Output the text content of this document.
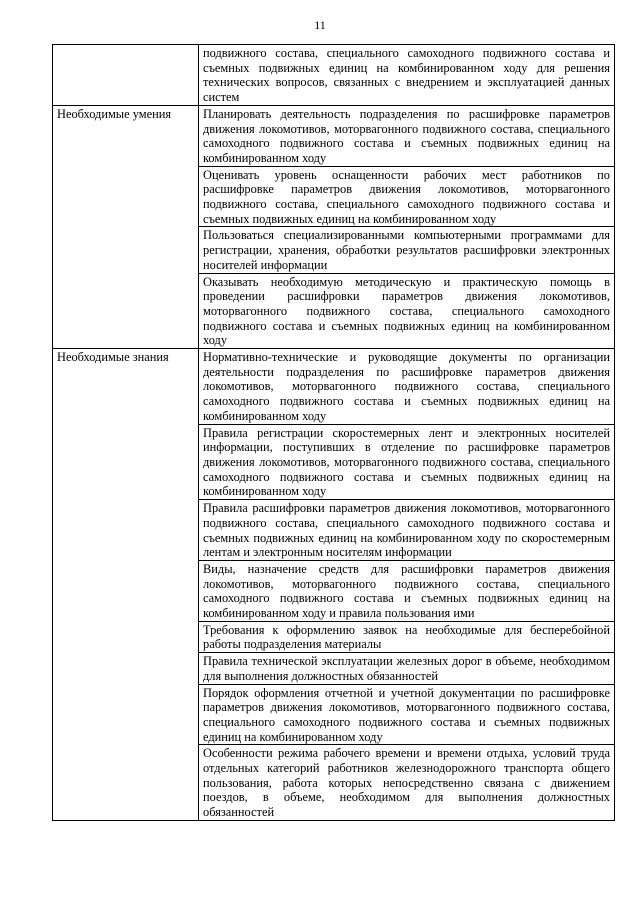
11
	подвижного состава, специального самоходного подвижного состава и съемных подвижных единиц на комбинированном ходу для решения технических вопросов, связанных с внедрением и эксплуатацией данных систем
Необходимые умения	Планировать деятельность подразделения по расшифровке параметров движения локомотивов, моторвагонного подвижного состава, специального самоходного подвижного состава и съемных подвижных единиц на комбинированном ходу
	Оценивать уровень оснащенности рабочих мест работников по расшифровке параметров движения локомотивов, моторвагонного подвижного состава, специального самоходного подвижного состава и съемных подвижных единиц на комбинированном ходу
	Пользоваться специализированными компьютерными программами для регистрации, хранения, обработки результатов расшифровки электронных носителей информации
	Оказывать необходимую методическую и практическую помощь в проведении расшифровки параметров движения локомотивов, моторвагонного подвижного состава, специального самоходного подвижного состава и съемных подвижных единиц на комбинированном ходу
Необходимые знания	Нормативно-технические и руководящие документы по организации деятельности подразделения по расшифровке параметров движения локомотивов, моторвагонного подвижного состава, специального самоходного подвижного состава и съемных подвижных единиц на комбинированном ходу
	Правила регистрации скоростемерных лент и электронных носителей информации, поступивших в отделение по расшифровке параметров движения локомотивов, моторвагонного подвижного состава, специального самоходного подвижного состава и съемных подвижных единиц на комбинированном ходу
	Правила расшифровки параметров движения локомотивов, моторвагонного подвижного состава, специального самоходного подвижного состава и съемных подвижных единиц на комбинированном ходу по скоростемерным лентам и электронным носителям информации
	Виды, назначение средств для расшифровки параметров движения локомотивов, моторвагонного подвижного состава, специального самоходного подвижного состава и съемных подвижных единиц на комбинированном ходу и правила пользования ими
	Требования к оформлению заявок на необходимые для бесперебойной работы подразделения материалы
	Правила технической эксплуатации железных дорог в объеме, необходимом для выполнения должностных обязанностей
	Порядок оформления отчетной и учетной документации по расшифровке параметров движения локомотивов, моторвагонного подвижного состава, специального самоходного подвижного состава и съемных подвижных единиц на комбинированном ходу
	Особенности режима рабочего времени и времени отдыха, условий труда отдельных категорий работников железнодорожного транспорта общего пользования, работа которых непосредственно связана с движением поездов, в объеме, необходимом для выполнения должностных обязанностей
